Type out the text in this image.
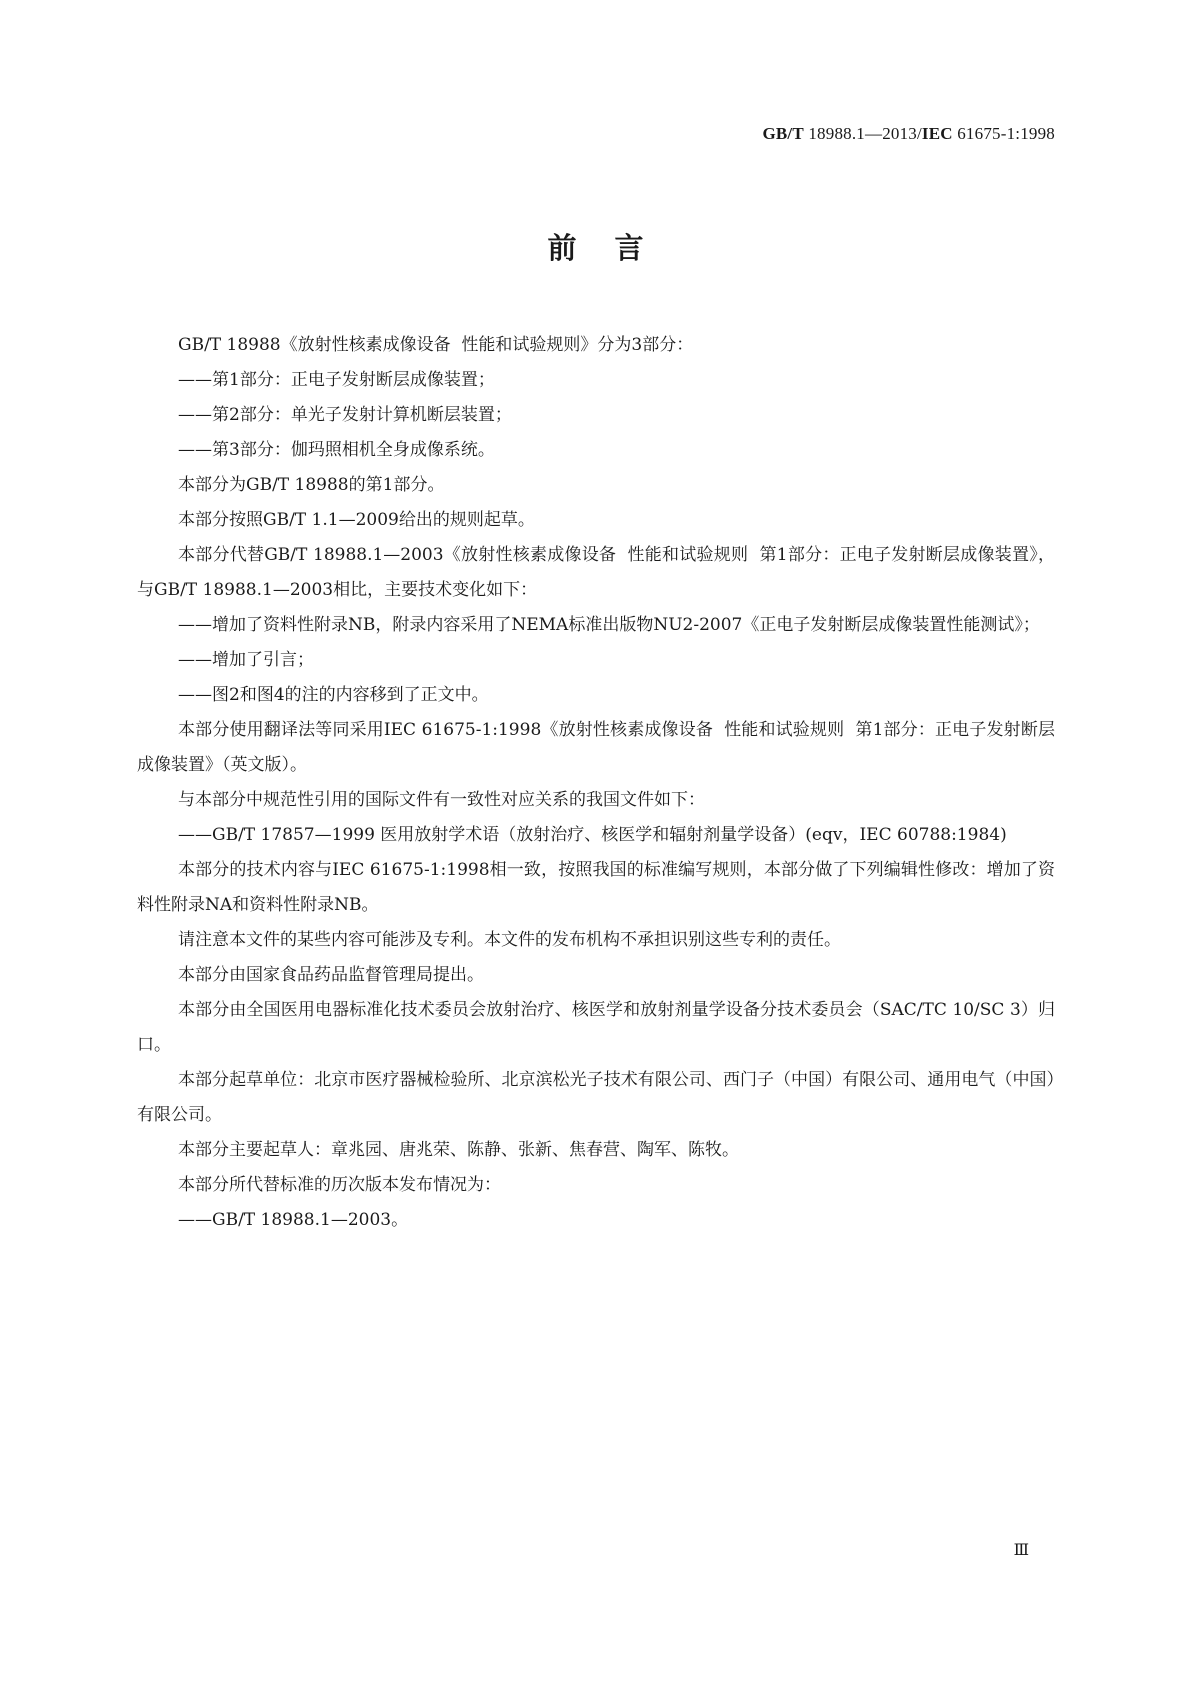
GB/T 18988.1—2013/IEC 61675-1:1998
前言

GB/T 18988《放射性核素成像设备  性能和试验规则》分为3部分：

——第1部分：正电子发射断层成像装置；

——第2部分：单光子发射计算机断层装置；

——第3部分：伽玛照相机全身成像系统。

本部分为GB/T 18988的第1部分。

本部分按照GB/T 1.1—2009给出的规则起草。

本部分代替GB/T 18988.1—2003《放射性核素成像设备  性能和试验规则  第1部分：正电子发射断层成像装置》，与GB/T 18988.1—2003相比，主要技术变化如下：

——增加了资料性附录NB，附录内容采用了NEMA标准出版物NU2-2007《正电子发射断层成像装置性能测试》；

——增加了引言；

——图2和图4的注的内容移到了正文中。

本部分使用翻译法等同采用IEC 61675-1:1998《放射性核素成像设备  性能和试验规则  第1部分：正电子发射断层成像装置》（英文版）。

与本部分中规范性引用的国际文件有一致性对应关系的我国文件如下：

——GB/T 17857—1999 医用放射学术语（放射治疗、核医学和辐射剂量学设备）(eqv，IEC 60788:1984)

本部分的技术内容与IEC 61675-1:1998相一致，按照我国的标准编写规则，本部分做了下列编辑性修改：增加了资料性附录NA和资料性附录NB。

请注意本文件的某些内容可能涉及专利。本文件的发布机构不承担识别这些专利的责任。

本部分由国家食品药品监督管理局提出。

本部分由全国医用电器标准化技术委员会放射治疗、核医学和放射剂量学设备分技术委员会（SAC/TC 10/SC 3）归口。

本部分起草单位：北京市医疗器械检验所、北京滨松光子技术有限公司、西门子（中国）有限公司、通用电气（中国）有限公司。

本部分主要起草人：章兆园、唐兆荣、陈静、张新、焦春营、陶军、陈牧。

本部分所代替标准的历次版本发布情况为：

——GB/T 18988.1—2003。

Ⅲ
